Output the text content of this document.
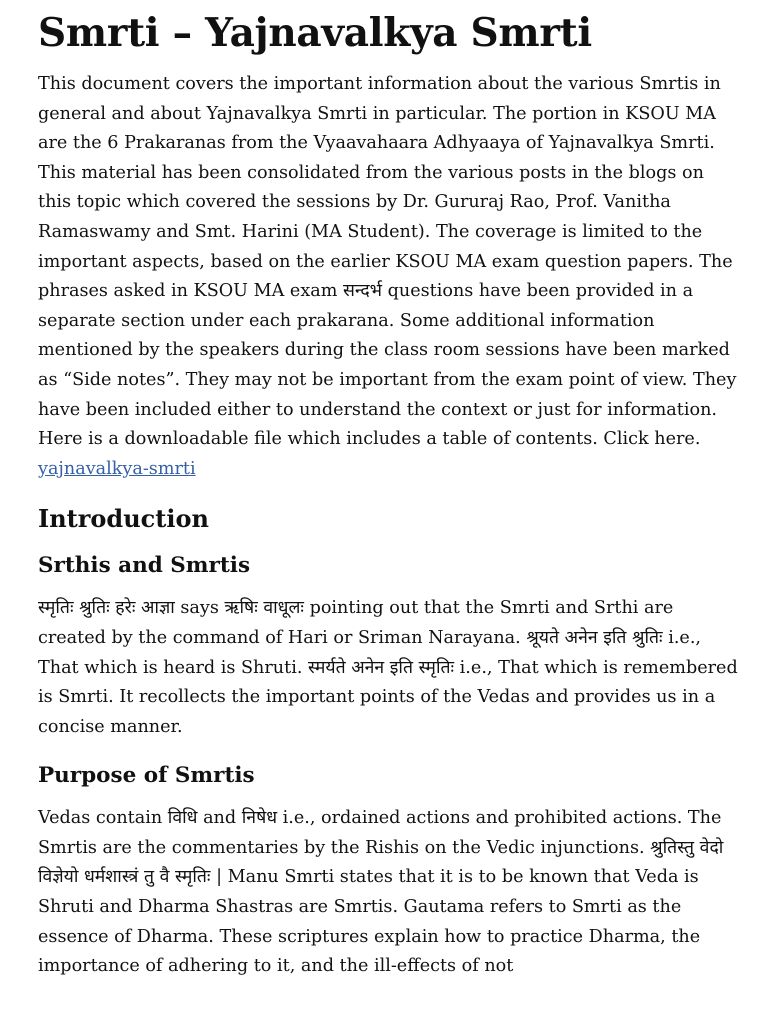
Smrti – Yajnavalkya Smrti

This document covers the important information about the various Smrtis in general and about Yajnavalkya Smrti in particular. The portion in KSOU MA are the 6 Prakaranas from the Vyaavahaara Adhyaaya of Yajnavalkya Smrti. This material has been consolidated from the various posts in the blogs on this topic which covered the sessions by Dr. Gururaj Rao, Prof. Vanitha Ramaswamy and Smt. Harini (MA Student). The coverage is limited to the important aspects, based on the earlier KSOU MA exam question papers. The phrases asked in KSOU MA exam सन्दर्भ questions have been provided in a separate section under each prakarana. Some additional information mentioned by the speakers during the class room sessions have been marked as “Side notes”. They may not be important from the exam point of view. They have been included either to understand the context or just for information. Here is a downloadable file which includes a table of contents. Click here. yajnavalkya-smrti

Introduction
Srthis and Smrtis

स्मृतिः श्रुतिः हरेः आज्ञा says ऋषिः वाधूलः pointing out that the Smrti and Srthi are created by the command of Hari or Sriman Narayana. श्रूयते अनेन इति श्रुतिः i.e., That which is heard is Shruti. स्मर्यते अनेन इति स्मृतिः i.e., That which is remembered is Smrti. It recollects the important points of the Vedas and provides us in a concise manner.

Purpose of Smrtis

Vedas contain विधि and निषेध i.e., ordained actions and prohibited actions. The Smrtis are the commentaries by the Rishis on the Vedic injunctions. श्रुतिस्तु वेदो विज्ञेयो धर्मशास्त्रं तु वै स्मृतिः | Manu Smrti states that it is to be known that Veda is Shruti and Dharma Shastras are Smrtis. Gautama refers to Smrti as the essence of Dharma. These scriptures explain how to practice Dharma, the importance of adhering to it, and the ill-effects of not
